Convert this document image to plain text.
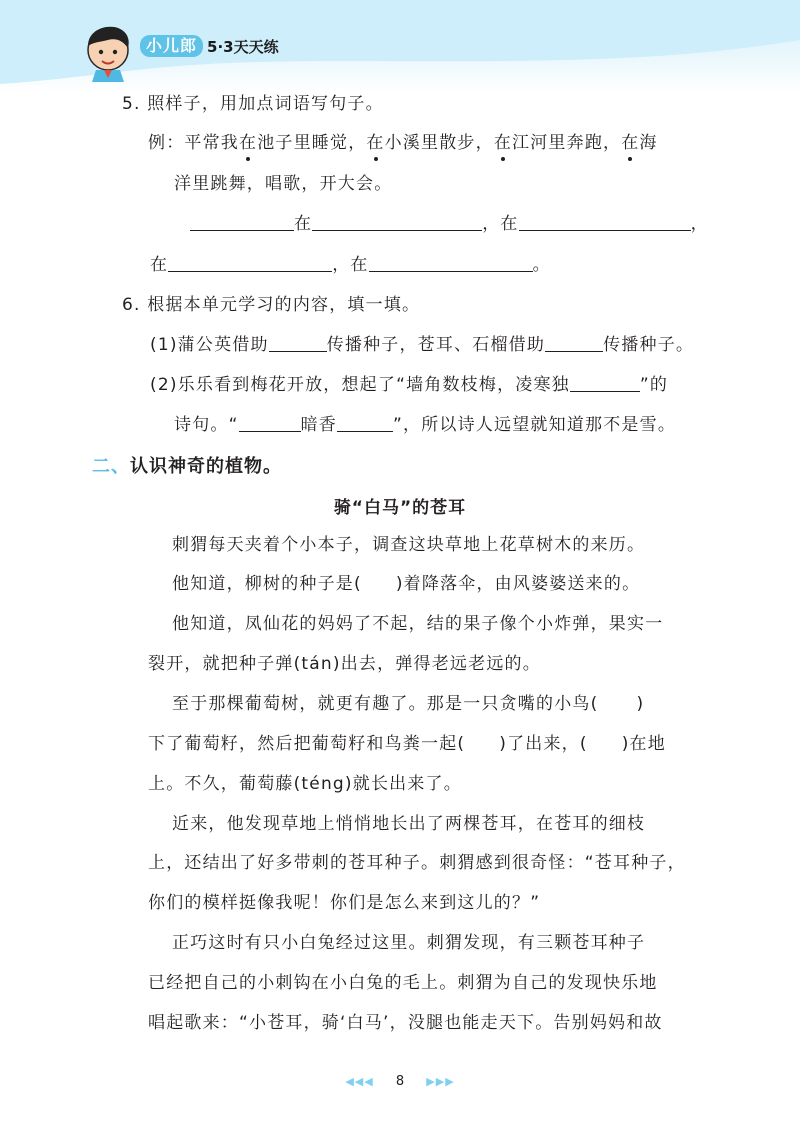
小儿郎 5·3天天练
5. 照样子，用加点词语写句子。
例：平常我在池子里睡觉，在小溪里散步，在江河里奔跑，在海
洋里跳舞，唱歌，开大会。
在	，在	，
在	，在	。
6. 根据本单元学习的内容，填一填。
(1)蒲公英借助	传播种子，苍耳、石榴借助	传播种子。
(2)乐乐看到梅花开放，想起了“墙角数枝梅，凌寒独	”的
诗句。“	暗香	”，所以诗人远望就知道那不是雪。
二、认识神奇的植物。
骑“白马”的苍耳
刺猬每天夹着个小本子，调查这块草地上花草树木的来历。
他知道，柳树的种子是( )着降落伞，由风婆婆送来的。
他知道，凤仙花的妈妈了不起，结的果子像个小炸弹，果实一
裂开，就把种子弹(tán)出去，弹得老远老远的。
至于那棵葡萄树，就更有趣了。那是一只贪嘴的小鸟( )
下了葡萄籽，然后把葡萄籽和鸟粪一起( )了出来，( )在地
上。不久，葡萄藤(téng)就长出来了。
近来，他发现草地上悄悄地长出了两棵苍耳，在苍耳的细枝
上，还结出了好多带刺的苍耳种子。刺猬感到很奇怪：“苍耳种子，
你们的模样挺像我呢！你们是怎么来到这儿的？”
正巧这时有只小白兔经过这里。刺猬发现，有三颗苍耳种子
已经把自己的小刺钩在小白兔的毛上。刺猬为自己的发现快乐地
唱起歌来：“小苍耳，骑‘白马’，没腿也能走天下。告别妈妈和故
◀◀◀ 8 ▶▶▶
